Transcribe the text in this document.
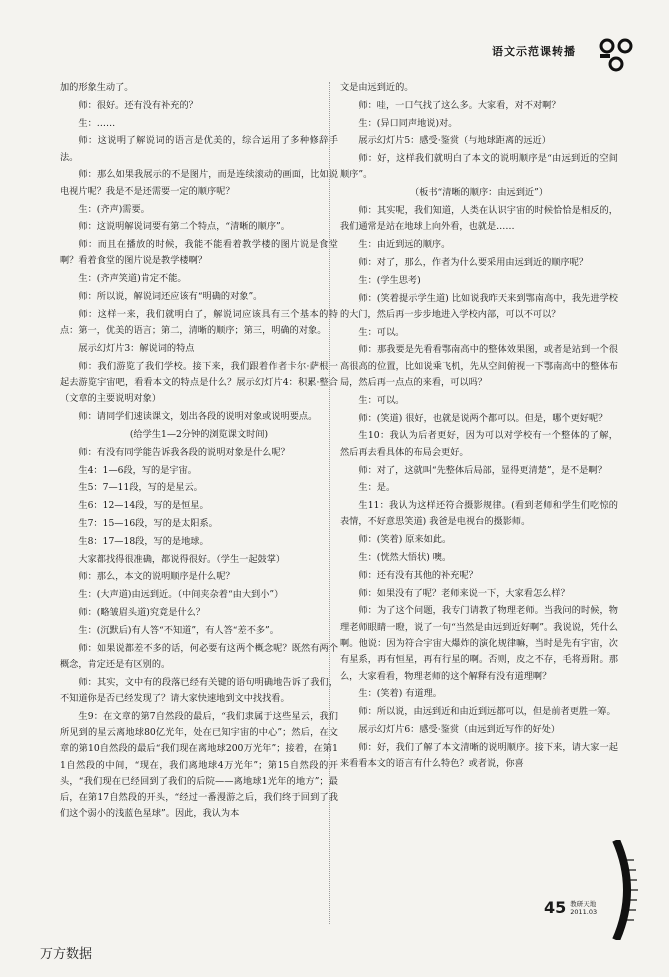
语文示范课转播

加的形象生动了。

师：很好。还有没有补充的？

生：……

师：这说明了解说词的语言是优美的，综合运用了多种修辞手法。

师：那么如果我展示的不是图片，而是连续滚动的画面，比如说电视片呢？我是不是还需要一定的顺序呢？

生：(齐声)需要。

师：这说明解说词要有第二个特点，“清晰的顺序”。

师：而且在播放的时候，我能不能看着教学楼的图片说是食堂啊？看着食堂的图片说是教学楼啊？

生：(齐声笑道)肯定不能。

师：所以说，解说词还应该有“明确的对象”。

师：这样一来，我们就明白了，解说词应该具有三个基本的特点：第一，优美的语言；第二，清晰的顺序；第三，明确的对象。

展示幻灯片3：解说词的特点

师：我们游览了我们学校。接下来，我们跟着作者卡尔·萨根一起去游览宇宙吧，看看本文的特点是什么？展示幻灯片4：积累·整合（文章的主要说明对象）

师：请同学们速读课文，划出各段的说明对象或说明要点。

(给学生1—2分钟的浏览课文时间)

师：有没有同学能告诉我各段的说明对象是什么呢？

生4：1—6段，写的是宇宙。

生5：7—11段，写的是星云。

生6：12—14段，写的是恒星。

生7：15—16段，写的是太阳系。

生8：17—18段，写的是地球。

大家都找得很准确，都说得很好。（学生一起鼓掌）

师：那么，本文的说明顺序是什么呢？

生：(大声道)由远到近。（中间夹杂着“由大到小”）

师：(略皱眉头道)究竟是什么？

生：(沉默后)有人答“不知道”，有人答“差不多”。

师：如果说都差不多的话，何必要有这两个概念呢？既然有两个概念，肯定还是有区别的。

师：其实，文中有的段落已经有关键的语句明确地告诉了我们，不知道你是否已经发现了？请大家快速地到文中找找看。

生9：在文章的第7自然段的最后，“我们隶属于这些星云，我们所见到的星云离地球80亿光年，处在已知宇宙的中心”；然后，在文章的第10自然段的最后“我们现在离地球200万光年”；接着，在第11自然段的中间，“现在，我们离地球4万光年”；第15自然段的开头，“我们现在已经回到了我们的后院——离地球1光年的地方”；最后，在第17自然段的开头，“经过一番漫游之后，我们终于回到了我们这个弱小的浅蓝色星球”。因此，我认为本

文是由远到近的。

师：哇，一口气找了这么多。大家看，对不对啊？

生：(异口同声地说)对。

展示幻灯片5：感受·鉴赏（与地球距离的远近）

师：好，这样我们就明白了本文的说明顺序是“由远到近的空间顺序”。

（板书“清晰的顺序：由远到近”）

师：其实呢，我们知道，人类在认识宇宙的时候恰恰是相反的，我们通常是站在地球上向外看，也就是……

生：由近到远的顺序。

师：对了，那么，作者为什么要采用由远到近的顺序呢？

生：(学生思考)

师：(笑着提示学生道) 比如说我昨天来到鄂南高中，我先进学校的大门，然后再一步步地进入学校内部，可以不可以？

生：可以。

师：那我要是先看看鄂南高中的整体效果图，或者是站到一个很高很高的位置，比如说乘飞机，先从空间俯视一下鄂南高中的整体布局，然后再一点点的来看，可以吗？

生：可以。

师：(笑道) 很好，也就是说两个都可以。但是，哪个更好呢？

生10：我认为后者更好，因为可以对学校有一个整体的了解，然后再去看具体的布局会更好。

师：对了，这就叫“先整体后局部，显得更清楚”，是不是啊？

生：是。

生11：我认为这样还符合摄影规律。(看到老师和学生们吃惊的表情，不好意思笑道) 我爸是电视台的摄影师。

师：(笑着) 原来如此。

生：(恍然大悟状) 噢。

师：还有没有其他的补充呢？

师：如果没有了呢？老师来说一下，大家看怎么样？

师：为了这个问题，我专门请教了物理老师。当我问的时候，物理老师眼睛一瞪，说了一句“当然是由远到近好啊”。我说说，凭什么啊。他说：因为符合宇宙大爆炸的演化规律嘛，当时是先有宇宙，次有星系，再有恒星，再有行星的啊。否则，皮之不存，毛将焉附。那么，大家看看，物理老师的这个解释有没有道理啊？

生：(笑着) 有道理。

师：所以说，由远到近和由近到远都可以，但是前者更胜一筹。

展示幻灯片6：感受·鉴赏（由远到近写作的好处）

师：好，我们了解了本文清晰的说明顺序。接下来，请大家一起来看看本文的语言有什么特色？或者说，你喜

45 教研天地
2011.03
万方数据
